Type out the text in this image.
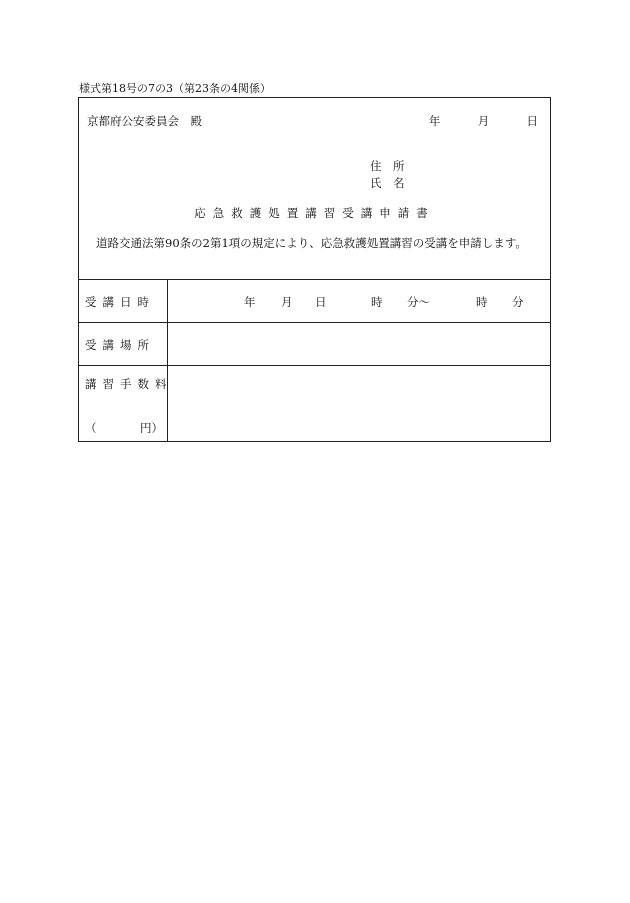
様式第18号の7の3（第23条の4関係）
京都府公安委員会　殿	年	月	日
住　所
氏　名
応急救護処置講習受講申請書
道路交通法第90条の2第1項の規定により、応急救護処置講習の受講を申請します。
受講日時	年 月 日	時 分〜	時 分
受講場所
講習手数料
（	円）
